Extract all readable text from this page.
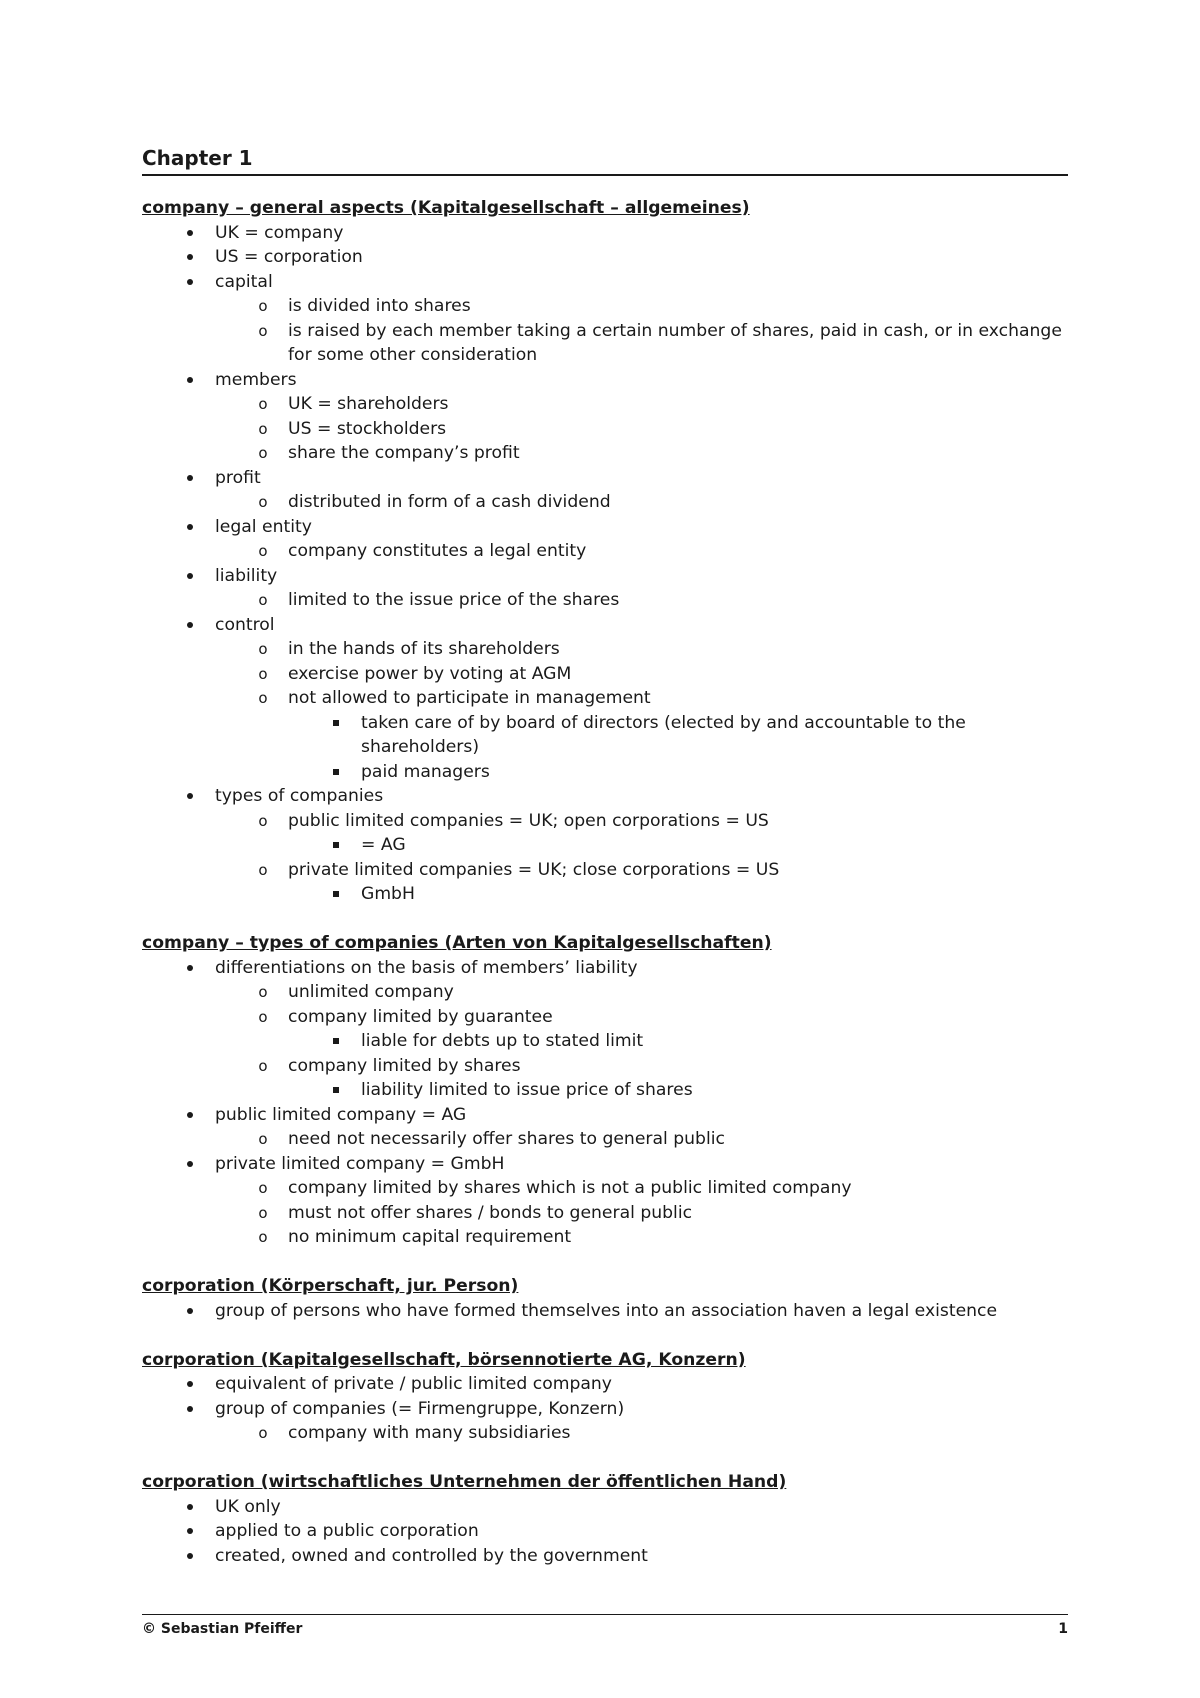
Chapter 1
company – general aspects (Kapitalgesellschaft – allgemeines)
UK = company
US = corporation
capital
o is divided into shares
o is raised by each member taking a certain number of shares, paid in cash, or in exchange for some other consideration
members
o UK = shareholders
o US = stockholders
o share the company’s profit
profit
o distributed in form of a cash dividend
legal entity
o company constitutes a legal entity
liability
o limited to the issue price of the shares
control
o in the hands of its shareholders
o exercise power by voting at AGM
o not allowed to participate in management
taken care of by board of directors (elected by and accountable to the shareholders)
paid managers
types of companies
o public limited companies = UK; open corporations = US
= AG
o private limited companies = UK; close corporations = US
GmbH
company – types of companies (Arten von Kapitalgesellschaften)
differentiations on the basis of members’ liability
o unlimited company
o company limited by guarantee
liable for debts up to stated limit
o company limited by shares
liability limited to issue price of shares
public limited company = AG
o need not necessarily offer shares to general public
private limited company = GmbH
o company limited by shares which is not a public limited company
o must not offer shares / bonds to general public
o no minimum capital requirement
corporation (Körperschaft, jur. Person)
group of persons who have formed themselves into an association haven a legal existence
corporation (Kapitalgesellschaft, börsennotierte AG, Konzern)
equivalent of private / public limited company
group of companies (= Firmengruppe, Konzern)
o company with many subsidiaries
corporation (wirtschaftliches Unternehmen der öffentlichen Hand)
UK only
applied to a public corporation
created, owned and controlled by the government
© Sebastian Pfeiffer	1
